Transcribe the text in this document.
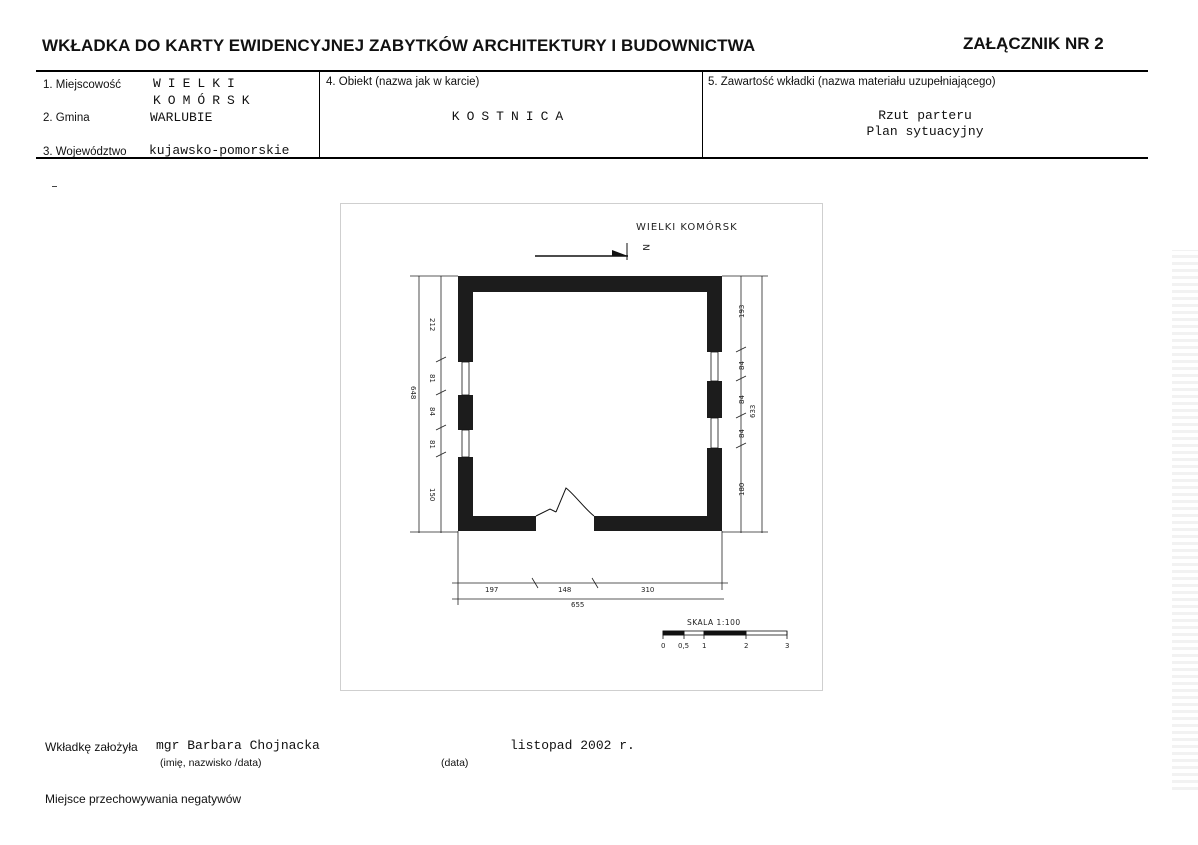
WKŁADKA DO KARTY EWIDENCYJNEJ ZABYTKÓW ARCHITEKTURY I BUDOWNICTWA	ZAŁĄCZNIK NR 2
1. Miejscowość WIELKI
KOMÓRSK
2. Gmina	WARLUBIE
3. Województwo kujawsko-pomorskie
4. Obiekt (nazwa jak w karcie)
KOSTNICA
5. Zawartość wkładki (nazwa materiału uzupełniającego)
Rzut parteru
Plan sytuacyjny
WIELKI KOMÓRSK
N
212
81
84
81
150
648
193
84
84
84
180
633
197	148	310
655
SKALA 1:100
0 0,5 1	2	3
Wkładkę założyła mgr Barbara Chojnacka
(imię, nazwisko /data)
listopad 2002 r.
(data)
Miejsce przechowywania negatywów
